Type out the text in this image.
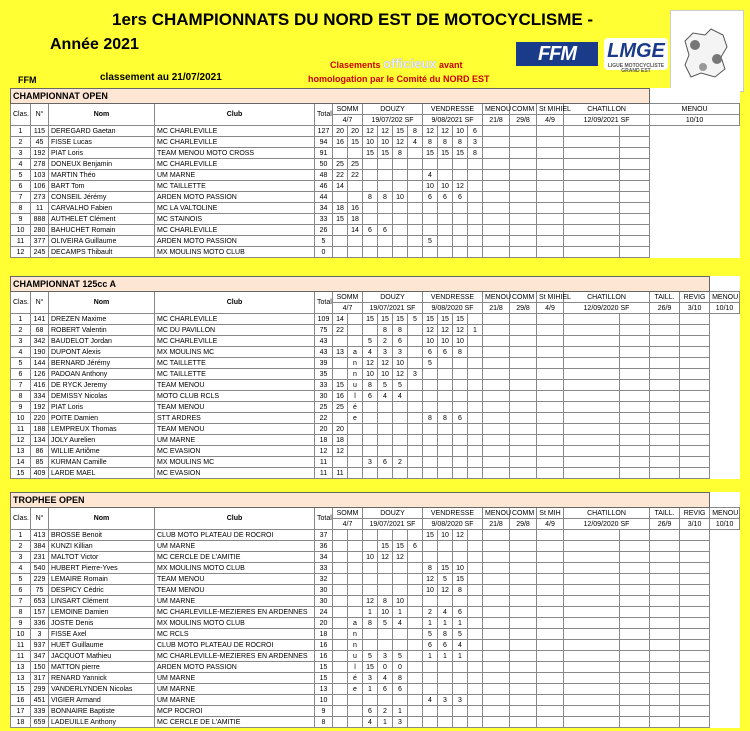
1ers CHAMPIONNATS DU NORD EST DE MOTOCYCLISME -
Année 2021
Clasements officieux avant
homologation par le Comité du NORD EST
FFM	classement au 21/07/2021
FFM	LMGE
LIGUE MOTOCYCLISTE GRAND EST
CHAMPIONNAT OPEN																				
Clas.	N°	Nom	Club	Total	SOMM		DOUZY				VENDRESSE				MENOU	COMM	St MIHIEL	CHATILLON		MENOU
					4/7		19/07/202 SF				9/08/2021 SF				21/8	29/8	4/9	12/09/2021 SF		10/10
1	115	DEREGARD Gaetan	MC CHARLEVILLE	127	20	20	12	12	15	8	12	12	10	6						
2	45	FISSE Lucas	MC CHARLEVILLE	94	16	15	10	10	12	4	8	8	8	3						
3	192	PIAT Loris	TEAM MENOU MOTO CROSS	91			15	15	8		15	15	15	8						
4	278	DONEUX Benjamin	MC CHARLEVILLE	50	25	25														
5	103	MARTIN Théo	UM MARNE	48	22	22					4									
6	106	BART Tom	MC TAILLETTE	46	14						10	10	12							
7	273	CONSEIL Jérémy	ARDEN MOTO PASSION	44			8	8	10		6	6	6							
8	11	CARVALHO Fabien	MC LA VALTOLINE	34	18	16														
9	888	AUTHELET Clément	MC STAINOIS	33	15	18														
10	280	BAHUCHET Romain	MC CHARLEVILLE	26		14	6	6												
11	377	OLIVEIRA Guillaume	ARDEN MOTO PASSION	5							5									
12	245	DECAMPS Thibault	MX MOULINS MOTO CLUB	0																
CHAMPIONNAT 125cc A																						
Clas.	N°	Nom	Club	Total	SOMM		DOUZY				VENDRESSE				MENOU	COMM	St MIHIEL	CHATILLON		TAILL.	REVIG	MENOU
					4/7		19/07/2021 SF				9/08/2020 SF				21/8	29/8	4/9	12/09/2020 SF		26/9	3/10	10/10
1	141	DREZEN Maxime	MC CHARLEVILLE	109	14		15	15	15	5	15	15	15									
2	68	ROBERT Valentin	MC DU PAVILLON	75	22			8	8		12	12	12	1								
3	342	BAUDELOT Jordan	MC CHARLEVILLE	43			5	2	6		10	10	10									
4	190	DUPONT Alexis	MX MOULINS MC	43	13	a	4	3	3		6	6	8									
5	144	BERNARD Jérémy	MC TAILLETTE	39		n	12	12	10		5											
6	126	PADOAN Anthony	MC TAILLETTE	35		n	10	10	12	3												
7	416	DE RYCK Jeremy	TEAM MENOU	33	15	u	8	5	5													
8	334	DEMISSY Nicolas	MOTO CLUB RCLS	30	16	l	6	4	4													
9	192	PIAT Loris	TEAM MENOU	25	25	é																
10	220	POITE Damien	STT ARDRES	22		e					8	8	6									
11	188	LEMPREUX Thomas	TEAM MENOU	20	20																	
12	134	JOLY Aurelien	UM MARNE	18	18																	
13	86	WILLIE Artiôme	MC EVASION	12	12																	
14	85	KURMAN Camille	MX MOULINS MC	11			3	6	2													
15	409	LARDE MAEL	MC EVASION	11	11																	
TROPHEE OPEN																						
Clas.	N°	Nom	Club	Total	SOMM		DOUZY				VENDRESSE				MENOU	COMM	St MIH	CHATILLON		TAILL.	REVIG	MENOU
					4/7		19/07/2021 SF				9/08/2020 SF				21/8	29/8	4/9	12/09/2020 SF		26/9	3/10	10/10
1	413	BROSSE Benoit	CLUB MOTO PLATEAU DE ROCROI	37							15	10	12									
2	384	KUNZI Killian	UM MARNE	36				15	15	6												
3	231	MALTOT Victor	MC CERCLE DE L'AMITIE	34			10	12	12													
4	540	HUBERT Pierre-Yves	MX MOULINS MOTO CLUB	33							8	15	10									
5	229	LEMAIRE Romain	TEAM MENOU	32							12	5	15									
6	75	DESPICY Cédric	TEAM MENOU	30							10	12	8									
7	653	LINSART Clément	UM MARNE	30			12	8	10													
8	157	LEMOINE Damien	MC CHARLEVILLE-MEZIERES EN ARDENNES	24			1	10	1		2	4	6									
9	336	JOSTE Denis	MX MOULINS MOTO CLUB	20		a	8	5	4		1	1	1									
10	3	FISSE Axel	MC RCLS	18		n					5	8	5									
11	937	HUET Guillaume	CLUB MOTO PLATEAU DE ROCROI	16		n					6	6	4									
11	347	JACQUOT Mathieu	MC CHARLEVILLE-MEZIERES EN ARDENNES	16		u	5	3	5		1	1	1									
13	150	MATTON pierre	ARDEN MOTO PASSION	15		l	15	0	0													
13	317	RENARD Yannick	UM MARNE	15		é	3	4	8													
15	299	VANDERLYNDEN Nicolas	UM MARNE	13		e	1	6	6													
16	451	VIGIER Armand	UM MARNE	10							4	3	3									
17	339	BONNAIRE Baptiste	MCP ROCROI	9			6	2	1													
18	659	LADEUILLE Anthony	MC CERCLE DE L'AMITIE	8			4	1	3													
